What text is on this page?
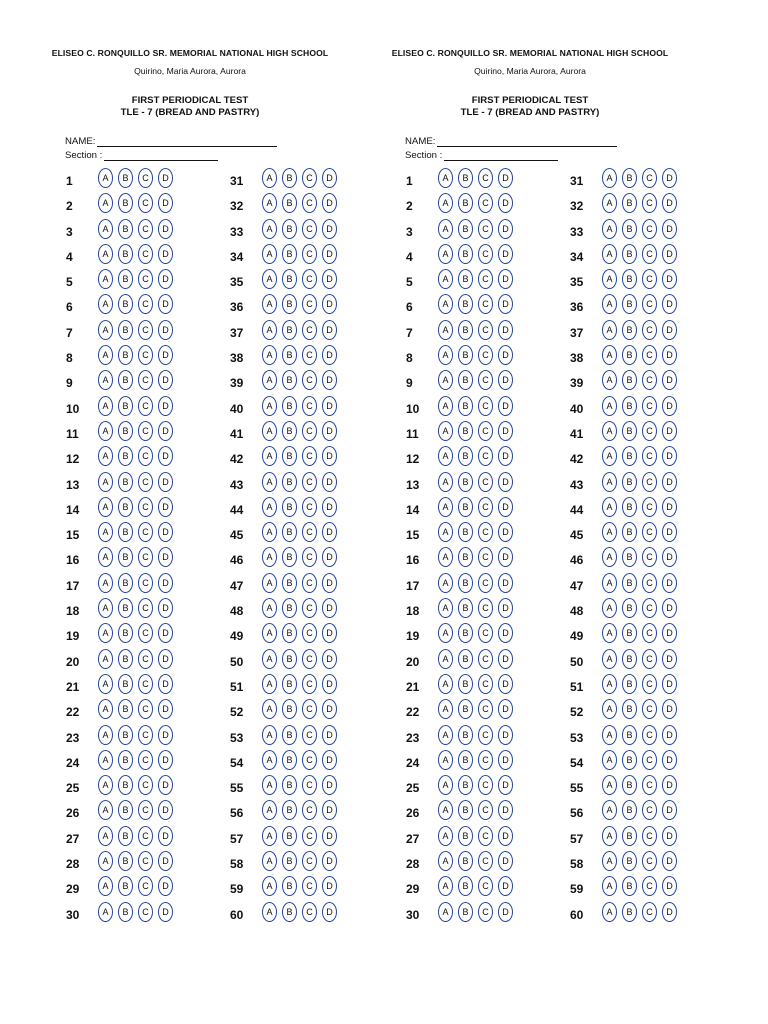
ELISEO C. RONQUILLO SR. MEMORIAL NATIONAL HIGH SCHOOL
Quirino, Maria Aurora, Aurora
FIRST PERIODICAL TEST
TLE - 7 (BREAD AND PASTRY)
NAME:
Section :
1	A	B	C	D
2	A	B	C	D
3	A	B	C	D
4	A	B	C	D
5	A	B	C	D
6	A	B	C	D
7	A	B	C	D
8	A	B	C	D
9	A	B	C	D
10	A	B	C	D
11	A	B	C	D
12	A	B	C	D
13	A	B	C	D
14	A	B	C	D
15	A	B	C	D
16	A	B	C	D
17	A	B	C	D
18	A	B	C	D
19	A	B	C	D
20	A	B	C	D
21	A	B	C	D
22	A	B	C	D
23	A	B	C	D
24	A	B	C	D
25	A	B	C	D
26	A	B	C	D
27	A	B	C	D
28	A	B	C	D
29	A	B	C	D
30	A	B	C	D
31	A	B	C	D
32	A	B	C	D
33	A	B	C	D
34	A	B	C	D
35	A	B	C	D
36	A	B	C	D
37	A	B	C	D
38	A	B	C	D
39	A	B	C	D
40	A	B	C	D
41	A	B	C	D
42	A	B	C	D
43	A	B	C	D
44	A	B	C	D
45	A	B	C	D
46	A	B	C	D
47	A	B	C	D
48	A	B	C	D
49	A	B	C	D
50	A	B	C	D
51	A	B	C	D
52	A	B	C	D
53	A	B	C	D
54	A	B	C	D
55	A	B	C	D
56	A	B	C	D
57	A	B	C	D
58	A	B	C	D
59	A	B	C	D
60	A	B	C	D
ELISEO C. RONQUILLO SR. MEMORIAL NATIONAL HIGH SCHOOL
Quirino, Maria Aurora, Aurora
FIRST PERIODICAL TEST
TLE - 7 (BREAD AND PASTRY)
NAME:
Section :
1	A	B	C	D
2	A	B	C	D
3	A	B	C	D
4	A	B	C	D
5	A	B	C	D
6	A	B	C	D
7	A	B	C	D
8	A	B	C	D
9	A	B	C	D
10	A	B	C	D
11	A	B	C	D
12	A	B	C	D
13	A	B	C	D
14	A	B	C	D
15	A	B	C	D
16	A	B	C	D
17	A	B	C	D
18	A	B	C	D
19	A	B	C	D
20	A	B	C	D
21	A	B	C	D
22	A	B	C	D
23	A	B	C	D
24	A	B	C	D
25	A	B	C	D
26	A	B	C	D
27	A	B	C	D
28	A	B	C	D
29	A	B	C	D
30	A	B	C	D
31	A	B	C	D
32	A	B	C	D
33	A	B	C	D
34	A	B	C	D
35	A	B	C	D
36	A	B	C	D
37	A	B	C	D
38	A	B	C	D
39	A	B	C	D
40	A	B	C	D
41	A	B	C	D
42	A	B	C	D
43	A	B	C	D
44	A	B	C	D
45	A	B	C	D
46	A	B	C	D
47	A	B	C	D
48	A	B	C	D
49	A	B	C	D
50	A	B	C	D
51	A	B	C	D
52	A	B	C	D
53	A	B	C	D
54	A	B	C	D
55	A	B	C	D
56	A	B	C	D
57	A	B	C	D
58	A	B	C	D
59	A	B	C	D
60	A	B	C	D
